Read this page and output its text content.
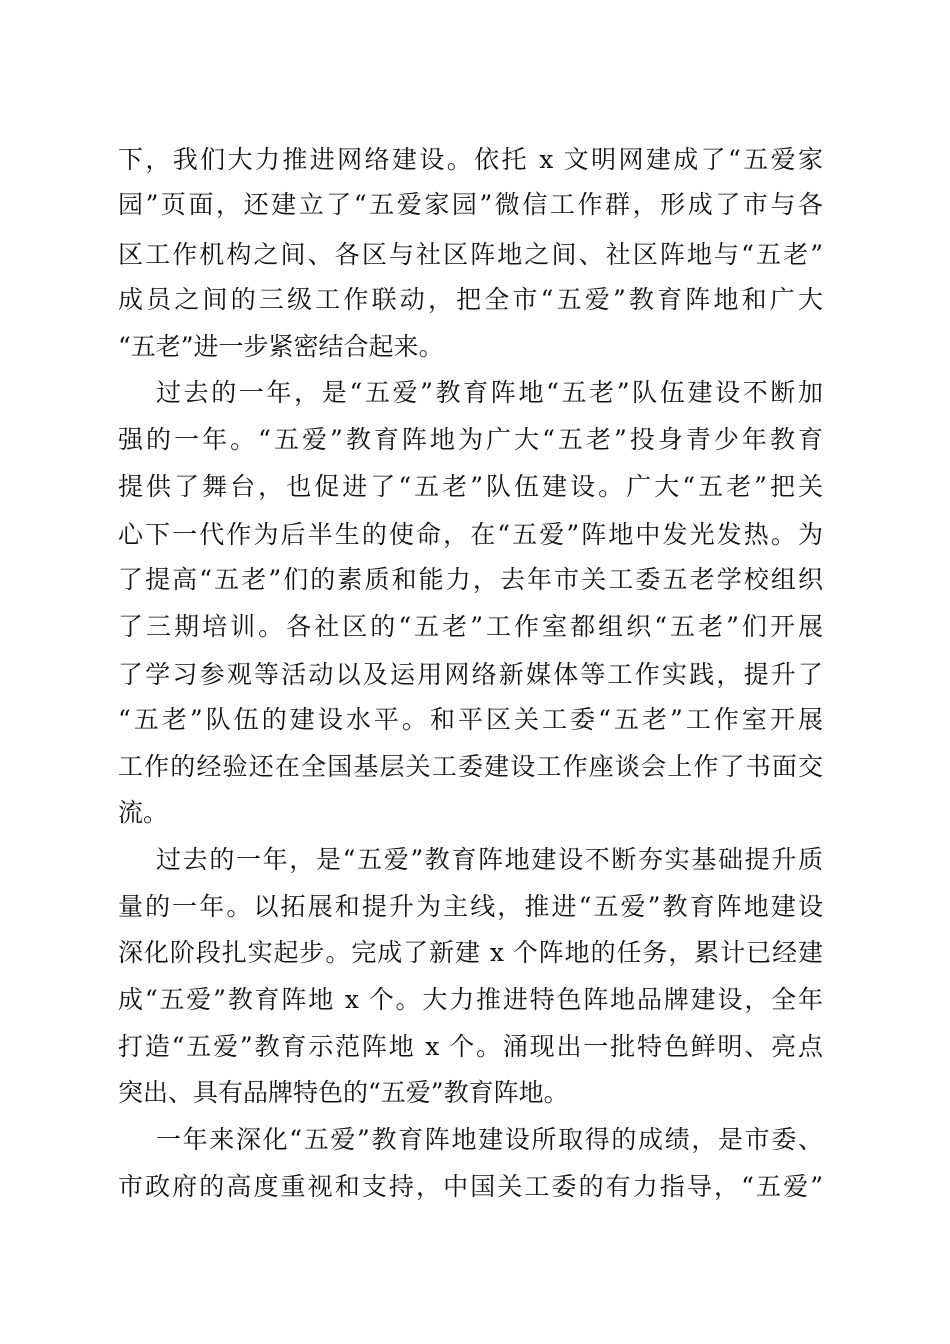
下，我们大力推进网络建设。依托 x 文明网建成了“五爱家
园”页面，还建立了“五爱家园”微信工作群，形成了市与各
区工作机构之间、各区与社区阵地之间、社区阵地与“五老”
成员之间的三级工作联动，把全市“五爱”教育阵地和广大
“五老”进一步紧密结合起来。
过去的一年，是“五爱”教育阵地“五老”队伍建设不断加
强的一年。“五爱”教育阵地为广大“五老”投身青少年教育
提供了舞台，也促进了“五老”队伍建设。广大“五老”把关
心下一代作为后半生的使命，在“五爱”阵地中发光发热。为
了提高“五老”们的素质和能力，去年市关工委五老学校组织
了三期培训。各社区的“五老”工作室都组织“五老”们开展
了学习参观等活动以及运用网络新媒体等工作实践，提升了
“五老”队伍的建设水平。和平区关工委“五老”工作室开展
工作的经验还在全国基层关工委建设工作座谈会上作了书面交
流。
过去的一年，是“五爱”教育阵地建设不断夯实基础提升质
量的一年。以拓展和提升为主线，推进“五爱”教育阵地建设
深化阶段扎实起步。完成了新建 x 个阵地的任务，累计已经建
成“五爱”教育阵地 x 个。大力推进特色阵地品牌建设，全年
打造“五爱”教育示范阵地 x 个。涌现出一批特色鲜明、亮点
突出、具有品牌特色的“五爱”教育阵地。
一年来深化“五爱”教育阵地建设所取得的成绩，是市委、
市政府的高度重视和支持，中国关工委的有力指导，“五爱”
